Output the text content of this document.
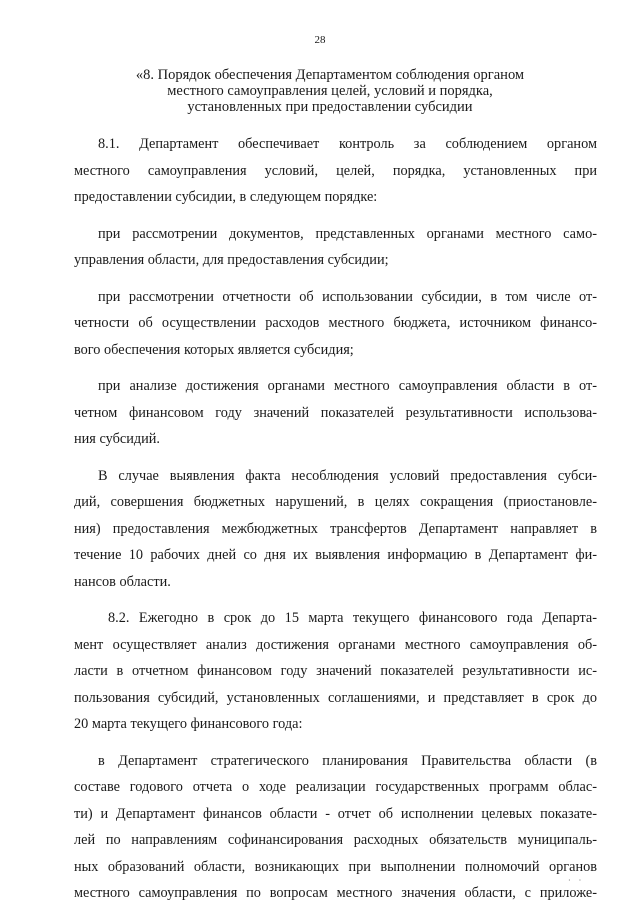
28
«8. Порядок обеспечения Департаментом соблюдения органом
местного самоуправления целей, условий и порядка,
установленных при предоставлении субсидии
8.1. Департамент обеспечивает контроль за соблюдением органом
местного самоуправления условий, целей, порядка, установленных при
предоставлении субсидии, в следующем порядке:
при рассмотрении документов, представленных органами местного само-
управления области, для предоставления субсидии;
при рассмотрении отчетности об использовании субсидии, в том числе от-
четности об осуществлении расходов местного бюджета, источником финансо-
вого обеспечения которых является субсидия;
при анализе достижения органами местного самоуправления области в от-
четном финансовом году значений показателей результативности использова-
ния субсидий.
В случае выявления факта несоблюдения условий предоставления субси-
дий, совершения бюджетных нарушений, в целях сокращения (приостановле-
ния) предоставления межбюджетных трансфертов Департамент направляет в
течение 10 рабочих дней со дня их выявления информацию в Департамент фи-
нансов области.
8.2. Ежегодно в срок до 15 марта текущего финансового года Департа-
мент осуществляет анализ достижения органами местного самоуправления об-
ласти в отчетном финансовом году значений показателей результативности ис-
пользования субсидий, установленных соглашениями, и представляет в срок до
20 марта текущего финансового года:
в Департамент стратегического планирования Правительства области (в
составе годового отчета о ходе реализации государственных программ облас-
ти) и Департамент финансов области - отчет об исполнении целевых показате-
лей по направлениям софинансирования расходных обязательств муниципаль-
ных образований области, возникающих при выполнении полномочий органов
местного самоуправления по вопросам местного значения области, с приложе-
· ·
